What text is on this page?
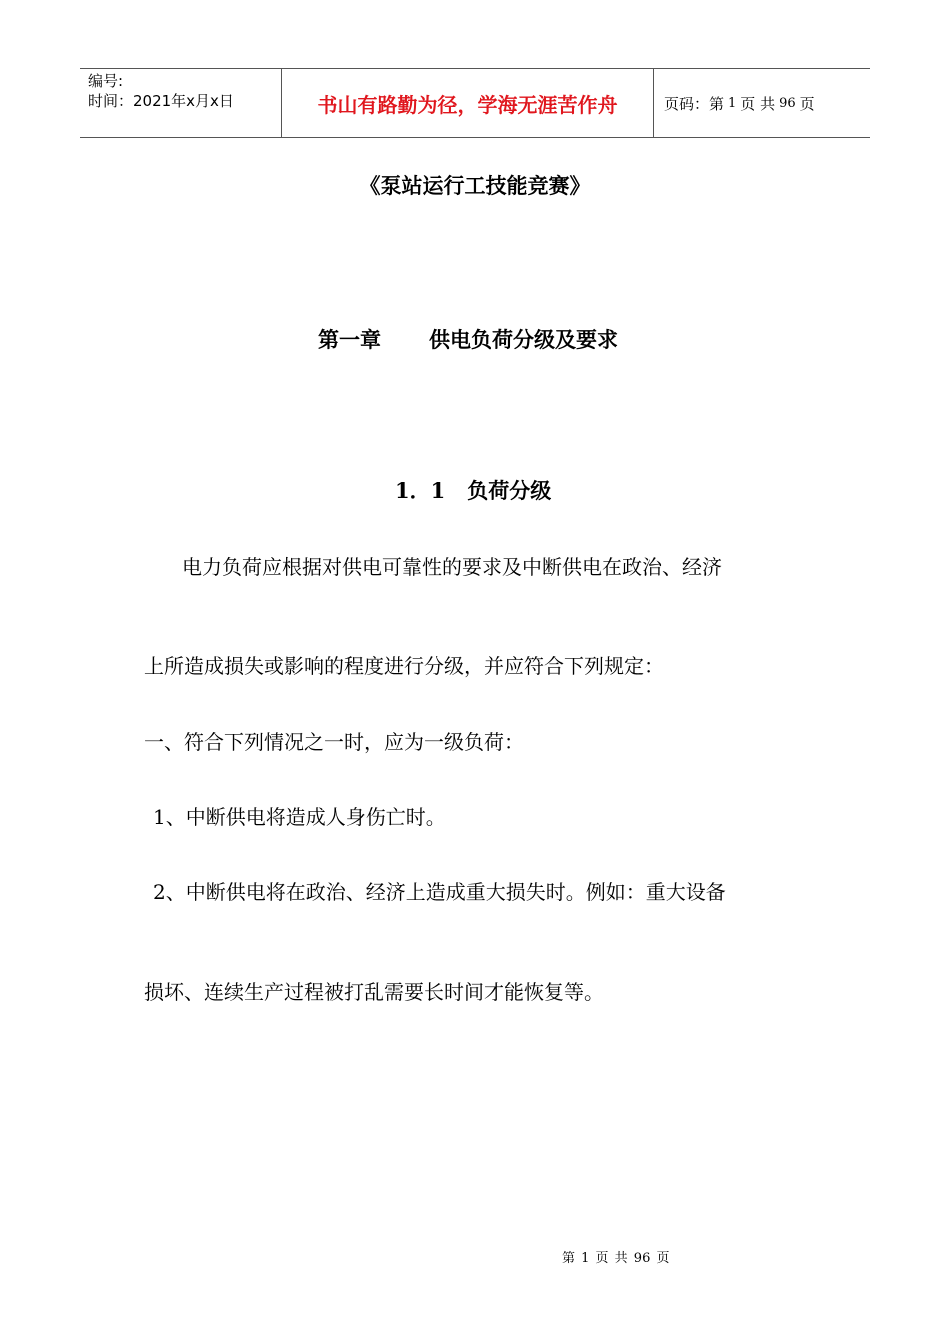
编号:
时间：2021年x月x日	书山有路勤为径，学海无涯苦作舟	页码：第 1 页 共 96 页
《泵站运行工技能竞赛》
第一章 供电负荷分级及要求
1．1 负荷分级
电力负荷应根据对供电可靠性的要求及中断供电在政治、经济
上所造成损失或影响的程度进行分级，并应符合下列规定：
一、符合下列情况之一时，应为一级负荷：
1、中断供电将造成人身伤亡时。
2、中断供电将在政治、经济上造成重大损失时。例如：重大设备
损坏、连续生产过程被打乱需要长时间才能恢复等。
第 1 页 共 96 页
